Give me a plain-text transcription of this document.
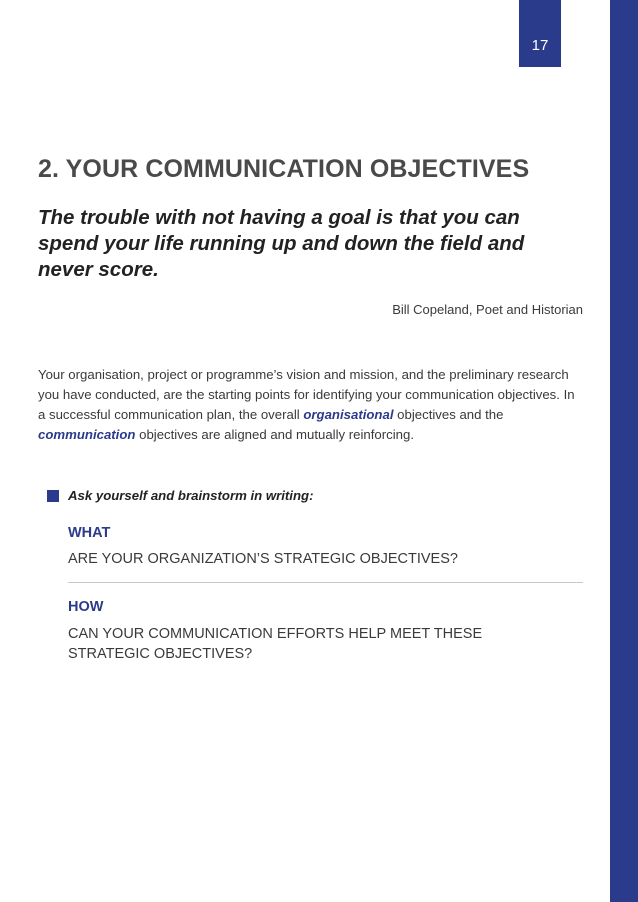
17
2. YOUR COMMUNICATION OBJECTIVES

The trouble with not having a goal is that you can spend your life running up and down the field and never score.

Bill Copeland, Poet and Historian

Your organisation, project or programme’s vision and mission, and the preliminary research you have conducted, are the starting points for identifying your communication objectives. In a successful communication plan, the overall organisational objectives and the communication objectives are aligned and mutually reinforcing.

Ask yourself and brainstorm in writing:
WHAT
ARE YOUR ORGANIZATION’S STRATEGIC OBJECTIVES?
HOW
CAN YOUR COMMUNICATION EFFORTS HELP MEET THESE STRATEGIC OBJECTIVES?
